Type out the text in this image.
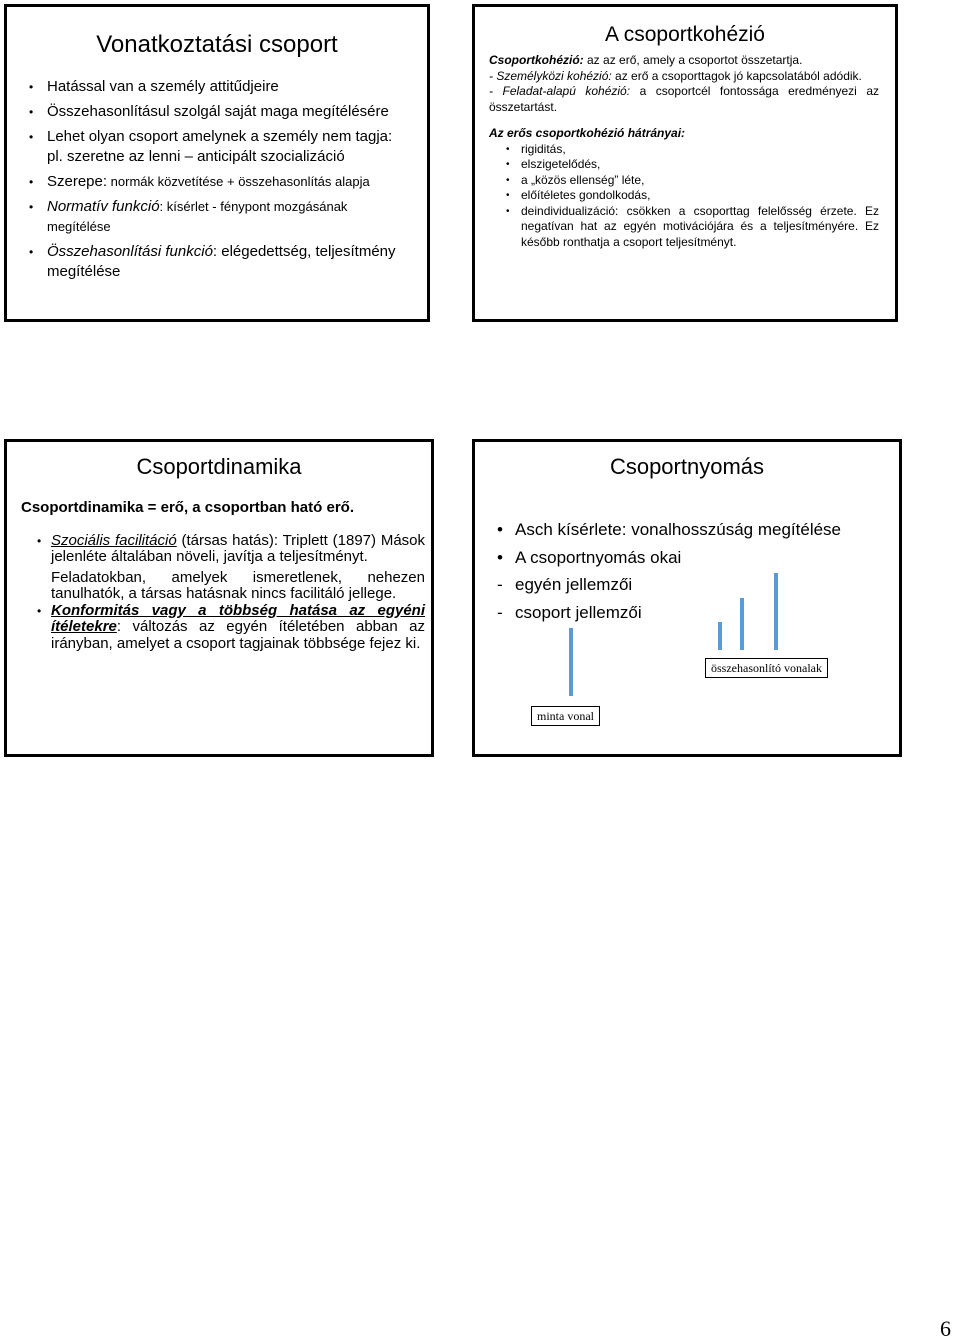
Vonatkoztatási csoport
• Hatással van a személy attitűdjeire
• Összehasonlításul szolgál saját maga megítélésére
• Lehet olyan csoport amelynek a személy nem tagja: pl. szeretne az lenni – anticipált szocializáció
• Szerepe: normák közvetítése + összehasonlítás alapja
• Normatív funkció: kísérlet - fénypont mozgásának megítélése
• Összehasonlítási funkció: elégedettség, teljesítmény megítélése
A csoportkohézió

Csoportkohézió: az az erő, amely a csoportot összetartja.

- Személyközi kohézió: az erő a csoporttagok jó kapcsolatából adódik.

- Feladat-alapú kohézió: a csoportcél fontossága eredményezi az összetartást.

Az erős csoportkohézió hátrányai:

• rigiditás,
• elszigetelődés,
• a „közös ellenség” léte,
• előítéletes gondolkodás,
• deindividualizáció: csökken a csoporttag felelősség érzete. Ez negatívan hat az egyén motivációjára és a teljesítményére. Ez később ronthatja a csoport teljesítményt.
Csoportdinamika

Csoportdinamika = erő, a csoportban ható erő.

• Szociális facilitáció (társas hatás): Triplett (1897) Mások jelenléte általában növeli, javítja a teljesítményt.
Feladatokban, amelyek ismeretlenek, nehezen tanulhatók, a társas hatásnak nincs facilitáló jellege.
• Konformitás vagy a többség hatása az egyéni ítéletekre: változás az egyén ítéletében abban az irányban, amelyet a csoport tagjainak többsége fejez ki.
Csoportnyomás
• Asch kísérlete: vonalhosszúság megítélése
• A csoportnyomás okai
- egyén jellemzői
- csoport jellemzői
összehasonlító vonalak
minta vonal
6
